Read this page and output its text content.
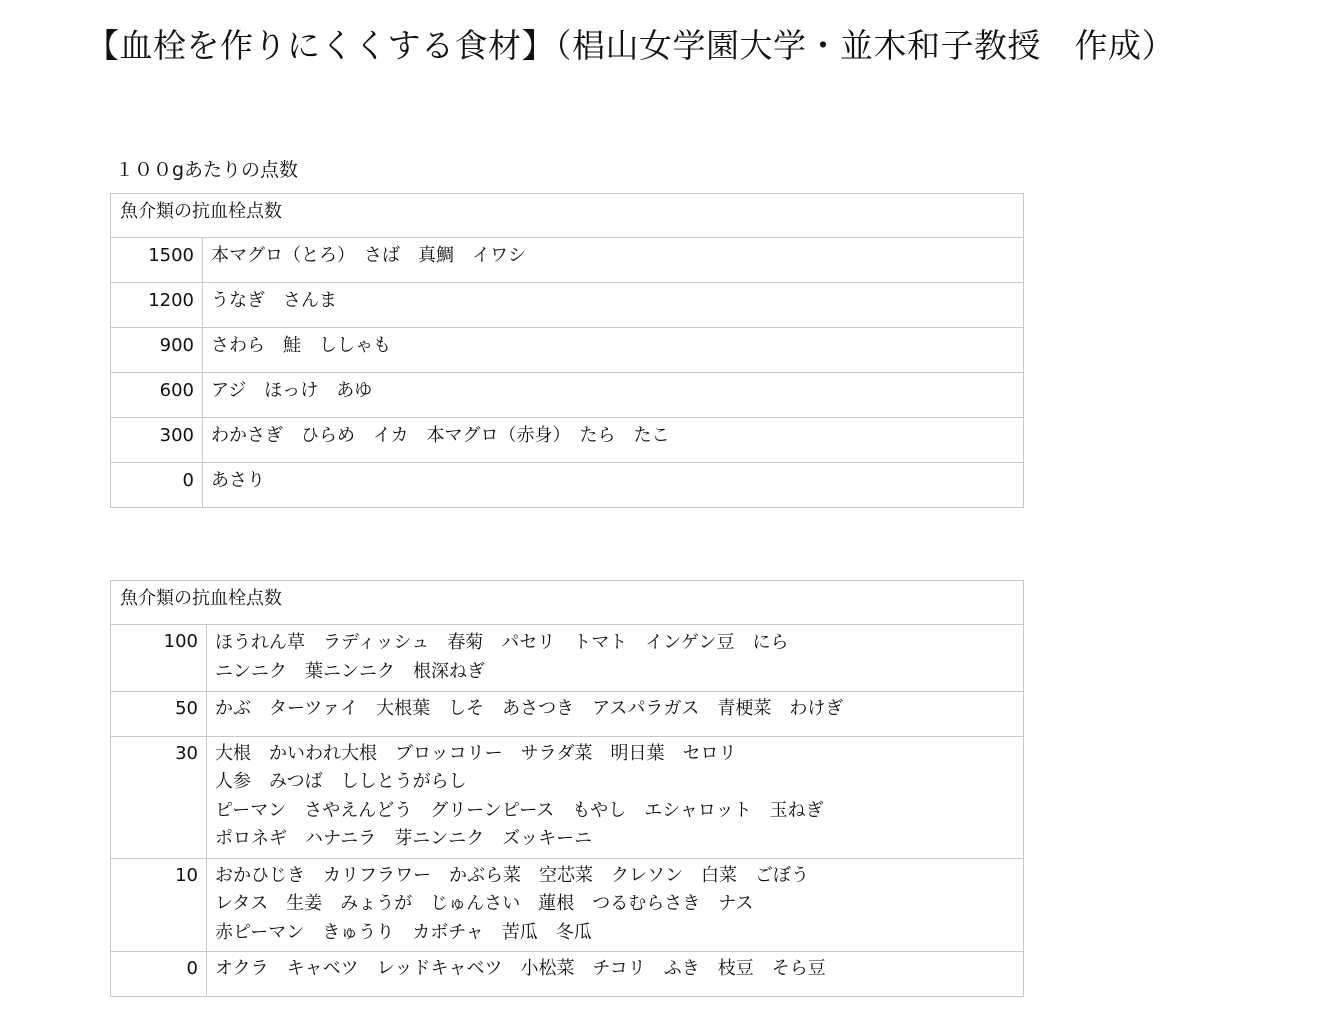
【血栓を作りにくくする食材】（椙山女学園大学・並木和子教授　作成）
１００gあたりの点数
魚介類の抗血栓点数	
1500	本マグロ（とろ）　さば　真鯛　イワシ

1200	うなぎ　さんま

900	さわら　鮭　ししゃも

600	アジ　ほっけ　あゆ

300	わかさぎ　ひらめ　イカ　本マグロ（赤身）　たら　たこ

0	あさり
魚介類の抗血栓点数	
100	ほうれん草　ラディッシュ　春菊　パセリ　トマト　インゲン豆　にら
ニンニク　葉ニンニク　根深ねぎ

50	かぶ　ターツァイ　大根葉　しそ　あさつき　アスパラガス　青梗菜　わけぎ

30	大根　かいわれ大根　ブロッコリー　サラダ菜　明日葉　セロリ
人参　みつば　ししとうがらし
ピーマン　さやえんどう　グリーンピース　もやし　エシャロット　玉ねぎ
ポロネギ　ハナニラ　芽ニンニク　ズッキーニ

10	おかひじき　カリフラワー　かぶら菜　空芯菜　クレソン　白菜　ごぼう
レタス　生姜　みょうが　じゅんさい　蓮根　つるむらさき　ナス
赤ピーマン　きゅうり　カボチャ　苦瓜　冬瓜

0	オクラ　キャベツ　レッドキャベツ　小松菜　チコリ　ふき　枝豆　そら豆
